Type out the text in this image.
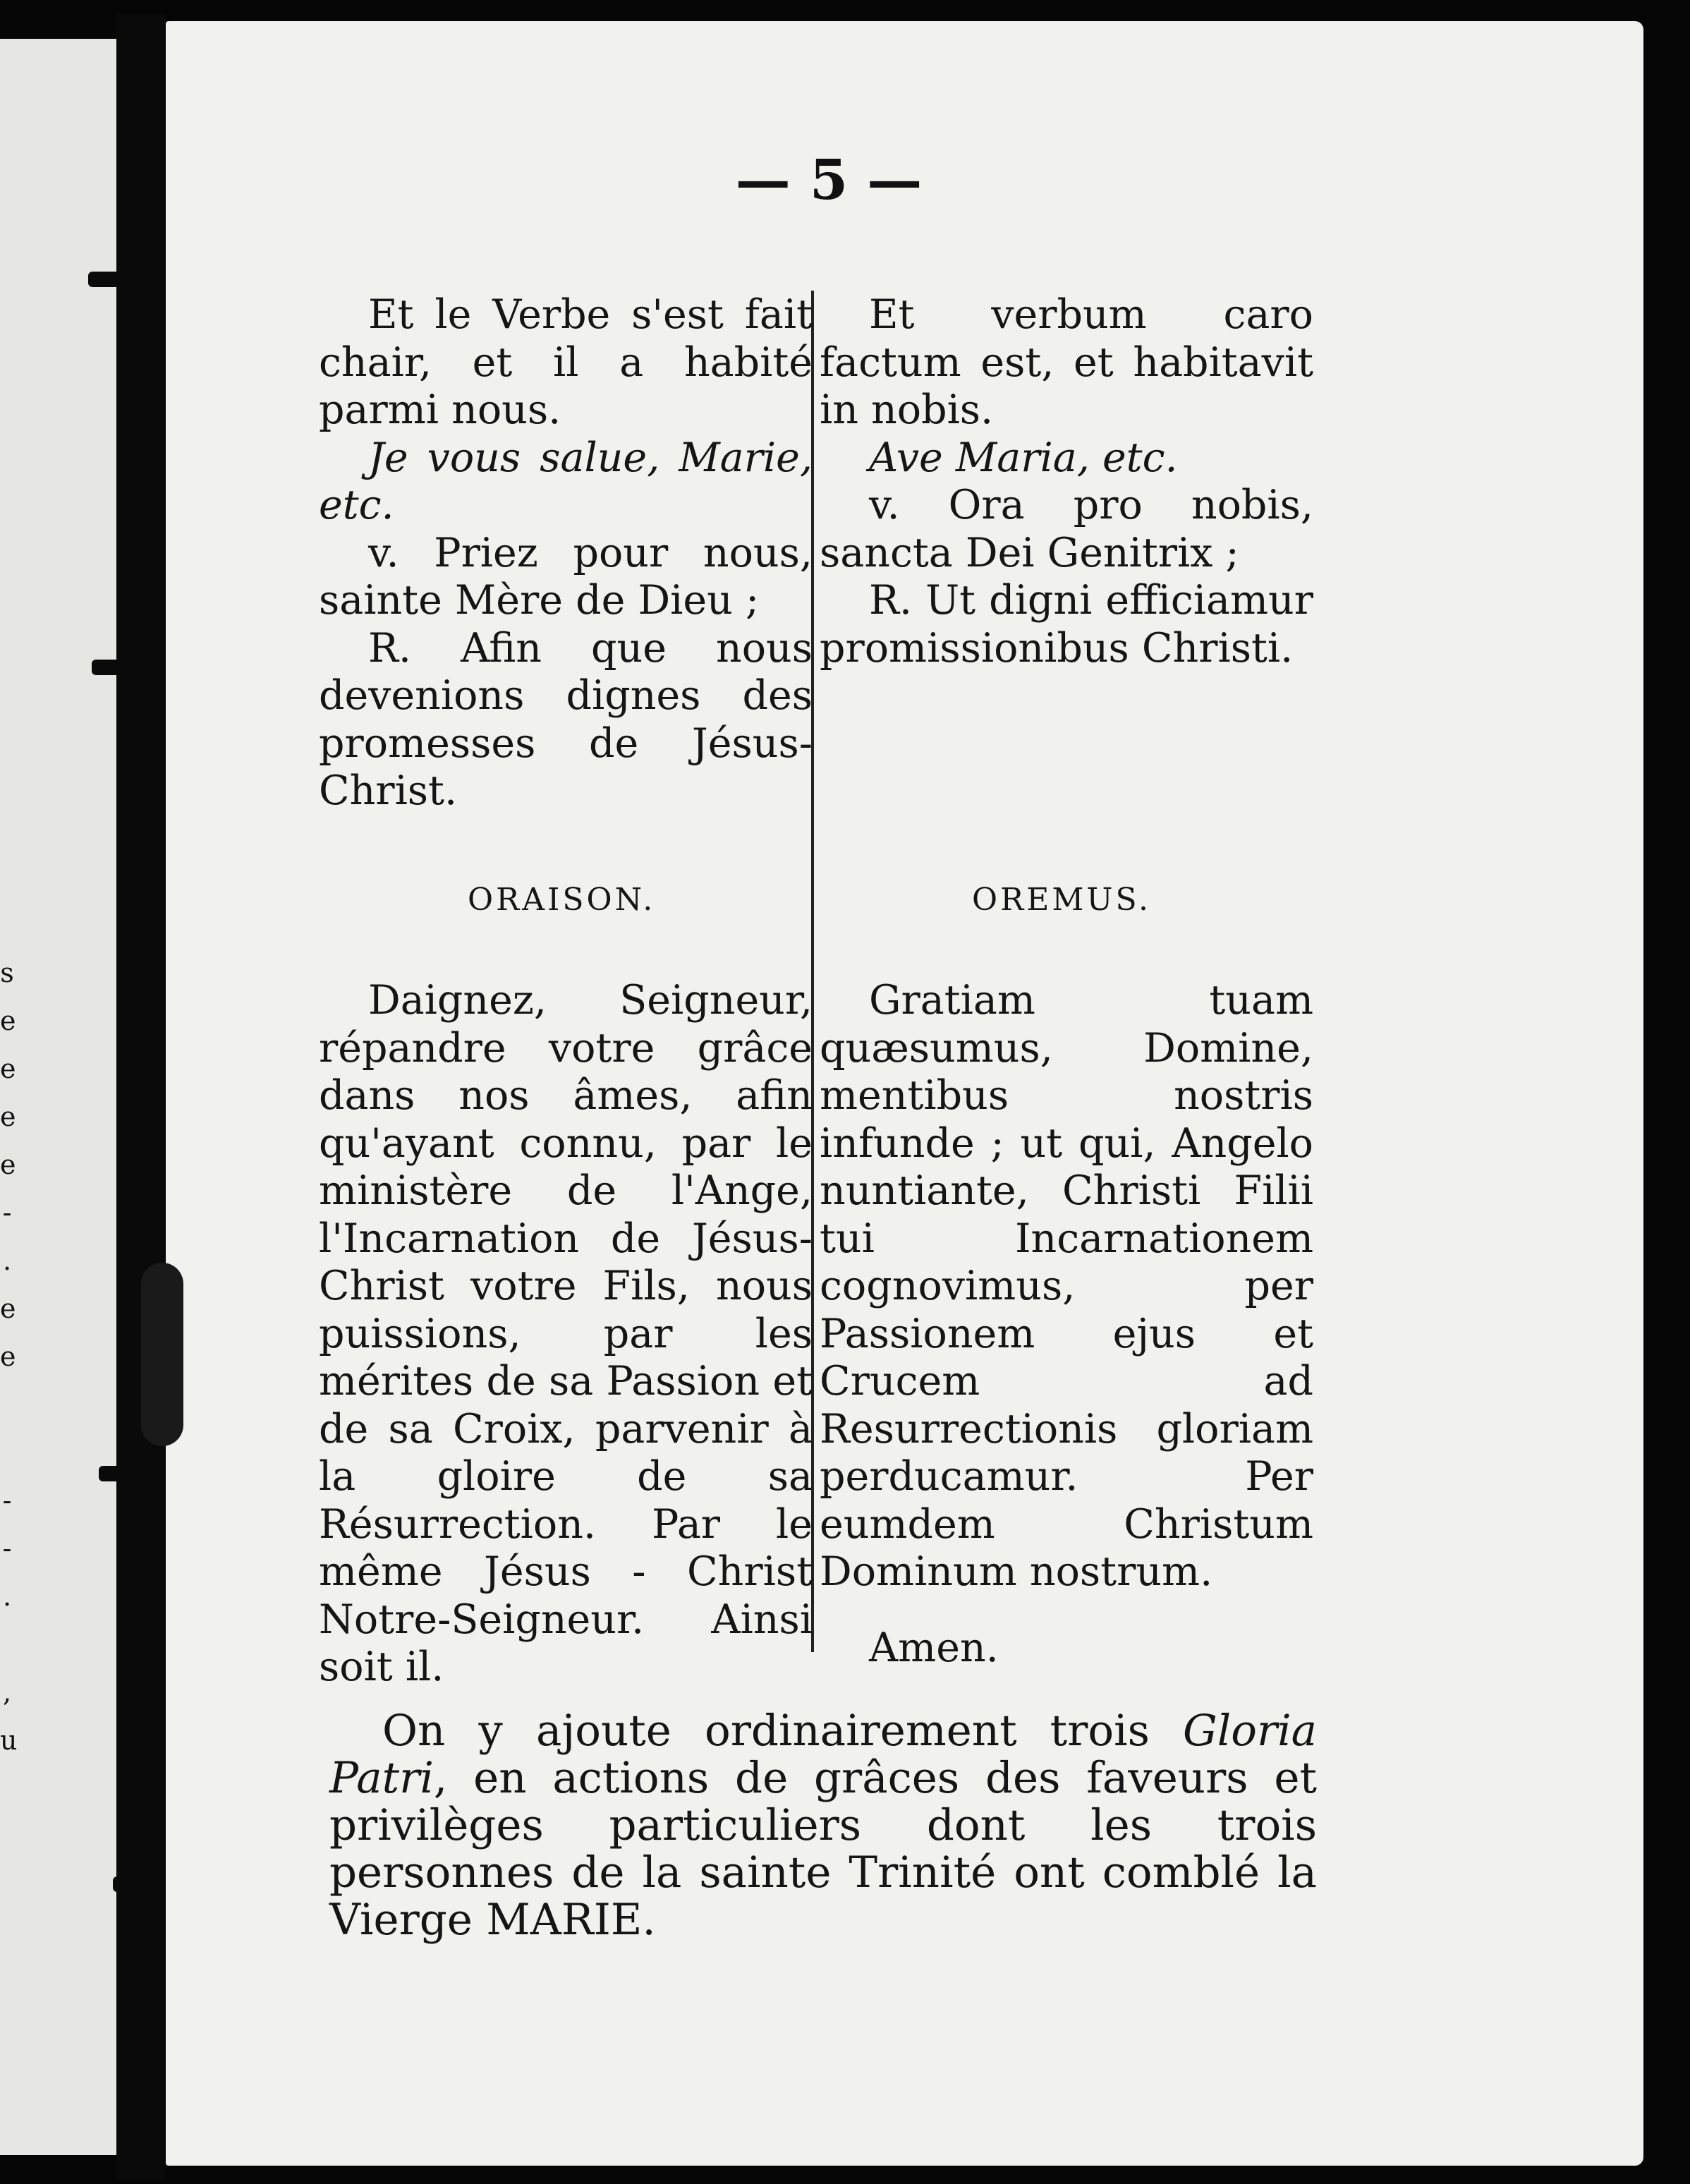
s
e
e
e
e
-
.
e
e

-
-
.

,
u
— 5 —

Et le Verbe s'est fait chair, et il a habité parmi nous.

Je vous salue, Marie, etc.

v. Priez pour nous, sainte Mère de Dieu ;

R. Afin que nous devenions dignes des promesses de Jésus-Christ.

Et verbum caro factum est, et habitavit in nobis.

Ave Maria, etc.

v. Ora pro nobis, sancta Dei Genitrix ;

R. Ut digni efficiamur promissionibus Christi.

ORAISON.	OREMUS.

Daignez, Seigneur, répandre votre grâce dans nos âmes, afin qu'ayant connu, par le ministère de l'Ange, l'Incarnation de Jésus-Christ votre Fils, nous puissions, par les mérites de sa Passion et de sa Croix, parvenir à la gloire de sa Résurrection. Par le même Jésus - Christ Notre-Seigneur. Ainsi soit il.

Gratiam tuam quæsumus, Domine, mentibus nostris infunde ; ut qui, Angelo nuntiante, Christi Filii tui Incarnationem cognovimus, per Passionem ejus et Crucem ad Resurrectionis gloriam perducamur. Per eumdem Christum Dominum nostrum.

Amen.

On y ajoute ordinairement trois Gloria Patri, en actions de grâces des faveurs et privilèges particuliers dont les trois personnes de la sainte Trinité ont comblé la Vierge MARIE.
